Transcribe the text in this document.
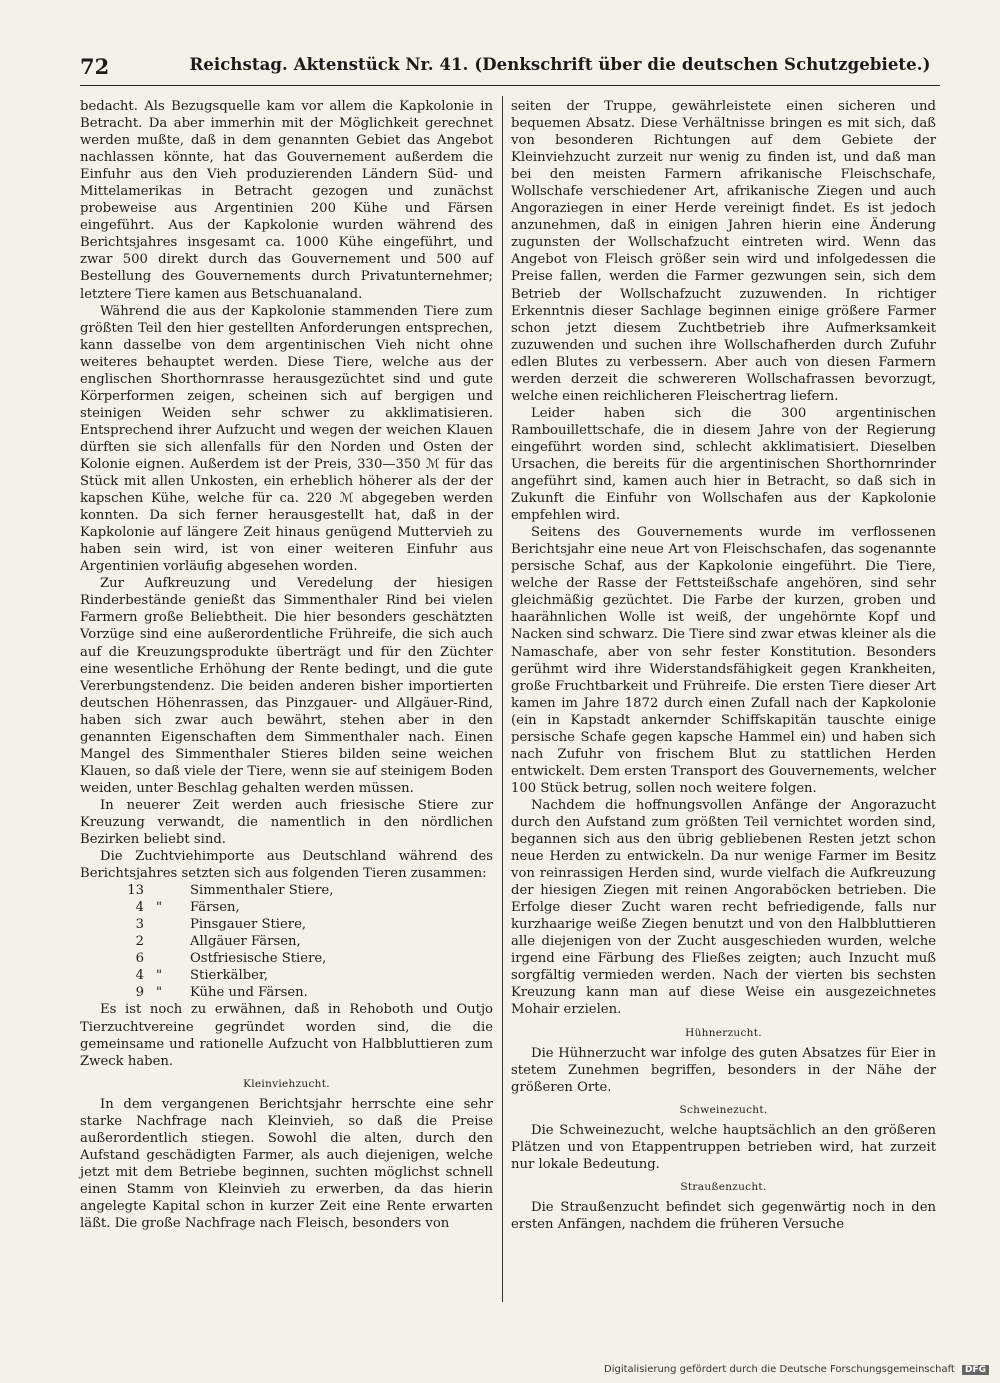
72	Reichstag. Aktenstück Nr. 41. (Denkschrift über die deutschen Schutzgebiete.)

bedacht. Als Bezugsquelle kam vor allem die Kapkolonie in Betracht. Da aber immerhin mit der Möglichkeit gerechnet werden mußte, daß in dem genannten Gebiet das Angebot nachlassen könnte, hat das Gouvernement außerdem die Einfuhr aus den Vieh produzierenden Ländern Süd- und Mittelamerikas in Betracht gezogen und zunächst probeweise aus Argentinien 200 Kühe und Färsen eingeführt. Aus der Kapkolonie wurden während des Berichtsjahres insgesamt ca. 1000 Kühe eingeführt, und zwar 500 direkt durch das Gouvernement und 500 auf Bestellung des Gouvernements durch Privatunternehmer; letztere Tiere kamen aus Betschuanaland.

Während die aus der Kapkolonie stammenden Tiere zum größten Teil den hier gestellten Anforderungen entsprechen, kann dasselbe von dem argentinischen Vieh nicht ohne weiteres behauptet werden. Diese Tiere, welche aus der englischen Shorthornrasse herausgezüchtet sind und gute Körperformen zeigen, scheinen sich auf bergigen und steinigen Weiden sehr schwer zu akklimatisieren. Entsprechend ihrer Aufzucht und wegen der weichen Klauen dürften sie sich allenfalls für den Norden und Osten der Kolonie eignen. Außerdem ist der Preis, 330—350 ℳ für das Stück mit allen Unkosten, ein erheblich höherer als der der kapschen Kühe, welche für ca. 220 ℳ abgegeben werden konnten. Da sich ferner herausgestellt hat, daß in der Kapkolonie auf längere Zeit hinaus genügend Muttervieh zu haben sein wird, ist von einer weiteren Einfuhr aus Argentinien vorläufig abgesehen worden.

Zur Aufkreuzung und Veredelung der hiesigen Rinderbestände genießt das Simmenthaler Rind bei vielen Farmern große Beliebtheit. Die hier besonders geschätzten Vorzüge sind eine außerordentliche Frühreife, die sich auch auf die Kreuzungsprodukte überträgt und für den Züchter eine wesentliche Erhöhung der Rente bedingt, und die gute Vererbungstendenz. Die beiden anderen bisher importierten deutschen Höhenrassen, das Pinzgauer- und Allgäuer-Rind, haben sich zwar auch bewährt, stehen aber in den genannten Eigenschaften dem Simmenthaler nach. Einen Mangel des Simmenthaler Stieres bilden seine weichen Klauen, so daß viele der Tiere, wenn sie auf steinigem Boden weiden, unter Beschlag gehalten werden müssen.

In neuerer Zeit werden auch friesische Stiere zur Kreuzung verwandt, die namentlich in den nördlichen Bezirken beliebt sind.

Die Zuchtviehimporte aus Deutschland während des Berichtsjahres setzten sich aus folgenden Tieren zusammen:

13	Simmenthaler Stiere,
4 "	Färsen,
3	Pinsgauer Stiere,
2	Allgäuer Färsen,
6	Ostfriesische Stiere,
4 "	Stierkälber,
9 "	Kühe und Färsen.

Es ist noch zu erwähnen, daß in Rehoboth und Outjo Tierzuchtvereine gegründet worden sind, die die gemeinsame und rationelle Aufzucht von Halbbluttieren zum Zweck haben.

Kleinviehzucht.

In dem vergangenen Berichtsjahr herrschte eine sehr starke Nachfrage nach Kleinvieh, so daß die Preise außerordentlich stiegen. Sowohl die alten, durch den Aufstand geschädigten Farmer, als auch diejenigen, welche jetzt mit dem Betriebe beginnen, suchten möglichst schnell einen Stamm von Kleinvieh zu erwerben, da das hierin angelegte Kapital schon in kurzer Zeit eine Rente erwarten läßt. Die große Nachfrage nach Fleisch, besonders von

seiten der Truppe, gewährleistete einen sicheren und bequemen Absatz. Diese Verhältnisse bringen es mit sich, daß von besonderen Richtungen auf dem Gebiete der Kleinviehzucht zurzeit nur wenig zu finden ist, und daß man bei den meisten Farmern afrikanische Fleischschafe, Wollschafe verschiedener Art, afrikanische Ziegen und auch Angoraziegen in einer Herde vereinigt findet. Es ist jedoch anzunehmen, daß in einigen Jahren hierin eine Änderung zugunsten der Wollschafzucht eintreten wird. Wenn das Angebot von Fleisch größer sein wird und infolgedessen die Preise fallen, werden die Farmer gezwungen sein, sich dem Betrieb der Wollschafzucht zuzuwenden. In richtiger Erkenntnis dieser Sachlage beginnen einige größere Farmer schon jetzt diesem Zuchtbetrieb ihre Aufmerksamkeit zuzuwenden und suchen ihre Wollschafherden durch Zufuhr edlen Blutes zu verbessern. Aber auch von diesen Farmern werden derzeit die schwereren Wollschafrassen bevorzugt, welche einen reichlicheren Fleischertrag liefern.

Leider haben sich die 300 argentinischen Rambouillettschafe, die in diesem Jahre von der Regierung eingeführt worden sind, schlecht akklimatisiert. Dieselben Ursachen, die bereits für die argentinischen Shorthornrinder angeführt sind, kamen auch hier in Betracht, so daß sich in Zukunft die Einfuhr von Wollschafen aus der Kapkolonie empfehlen wird.

Seitens des Gouvernements wurde im verflossenen Berichtsjahr eine neue Art von Fleischschafen, das sogenannte persische Schaf, aus der Kapkolonie eingeführt. Die Tiere, welche der Rasse der Fettsteißschafe angehören, sind sehr gleichmäßig gezüchtet. Die Farbe der kurzen, groben und haarähnlichen Wolle ist weiß, der ungehörnte Kopf und Nacken sind schwarz. Die Tiere sind zwar etwas kleiner als die Namaschafe, aber von sehr fester Konstitution. Besonders gerühmt wird ihre Widerstandsfähigkeit gegen Krankheiten, große Fruchtbarkeit und Frühreife. Die ersten Tiere dieser Art kamen im Jahre 1872 durch einen Zufall nach der Kapkolonie (ein in Kapstadt ankernder Schiffskapitän tauschte einige persische Schafe gegen kapsche Hammel ein) und haben sich nach Zufuhr von frischem Blut zu stattlichen Herden entwickelt. Dem ersten Transport des Gouvernements, welcher 100 Stück betrug, sollen noch weitere folgen.

Nachdem die hoffnungsvollen Anfänge der Angorazucht durch den Aufstand zum größten Teil vernichtet worden sind, begannen sich aus den übrig gebliebenen Resten jetzt schon neue Herden zu entwickeln. Da nur wenige Farmer im Besitz von reinrassigen Herden sind, wurde vielfach die Aufkreuzung der hiesigen Ziegen mit reinen Angoraböcken betrieben. Die Erfolge dieser Zucht waren recht befriedigende, falls nur kurzhaarige weiße Ziegen benutzt und von den Halbbluttieren alle diejenigen von der Zucht ausgeschieden wurden, welche irgend eine Färbung des Fließes zeigten; auch Inzucht muß sorgfältig vermieden werden. Nach der vierten bis sechsten Kreuzung kann man auf diese Weise ein ausgezeichnetes Mohair erzielen.

Hühnerzucht.

Die Hühnerzucht war infolge des guten Absatzes für Eier in stetem Zunehmen begriffen, besonders in der Nähe der größeren Orte.

Schweinezucht.

Die Schweinezucht, welche hauptsächlich an den größeren Plätzen und von Etappentruppen betrieben wird, hat zurzeit nur lokale Bedeutung.

Straußenzucht.

Die Straußenzucht befindet sich gegenwärtig noch in den ersten Anfängen, nachdem die früheren Versuche

Digitalisierung gefördert durch die Deutsche Forschungsgemeinschaft DFG
